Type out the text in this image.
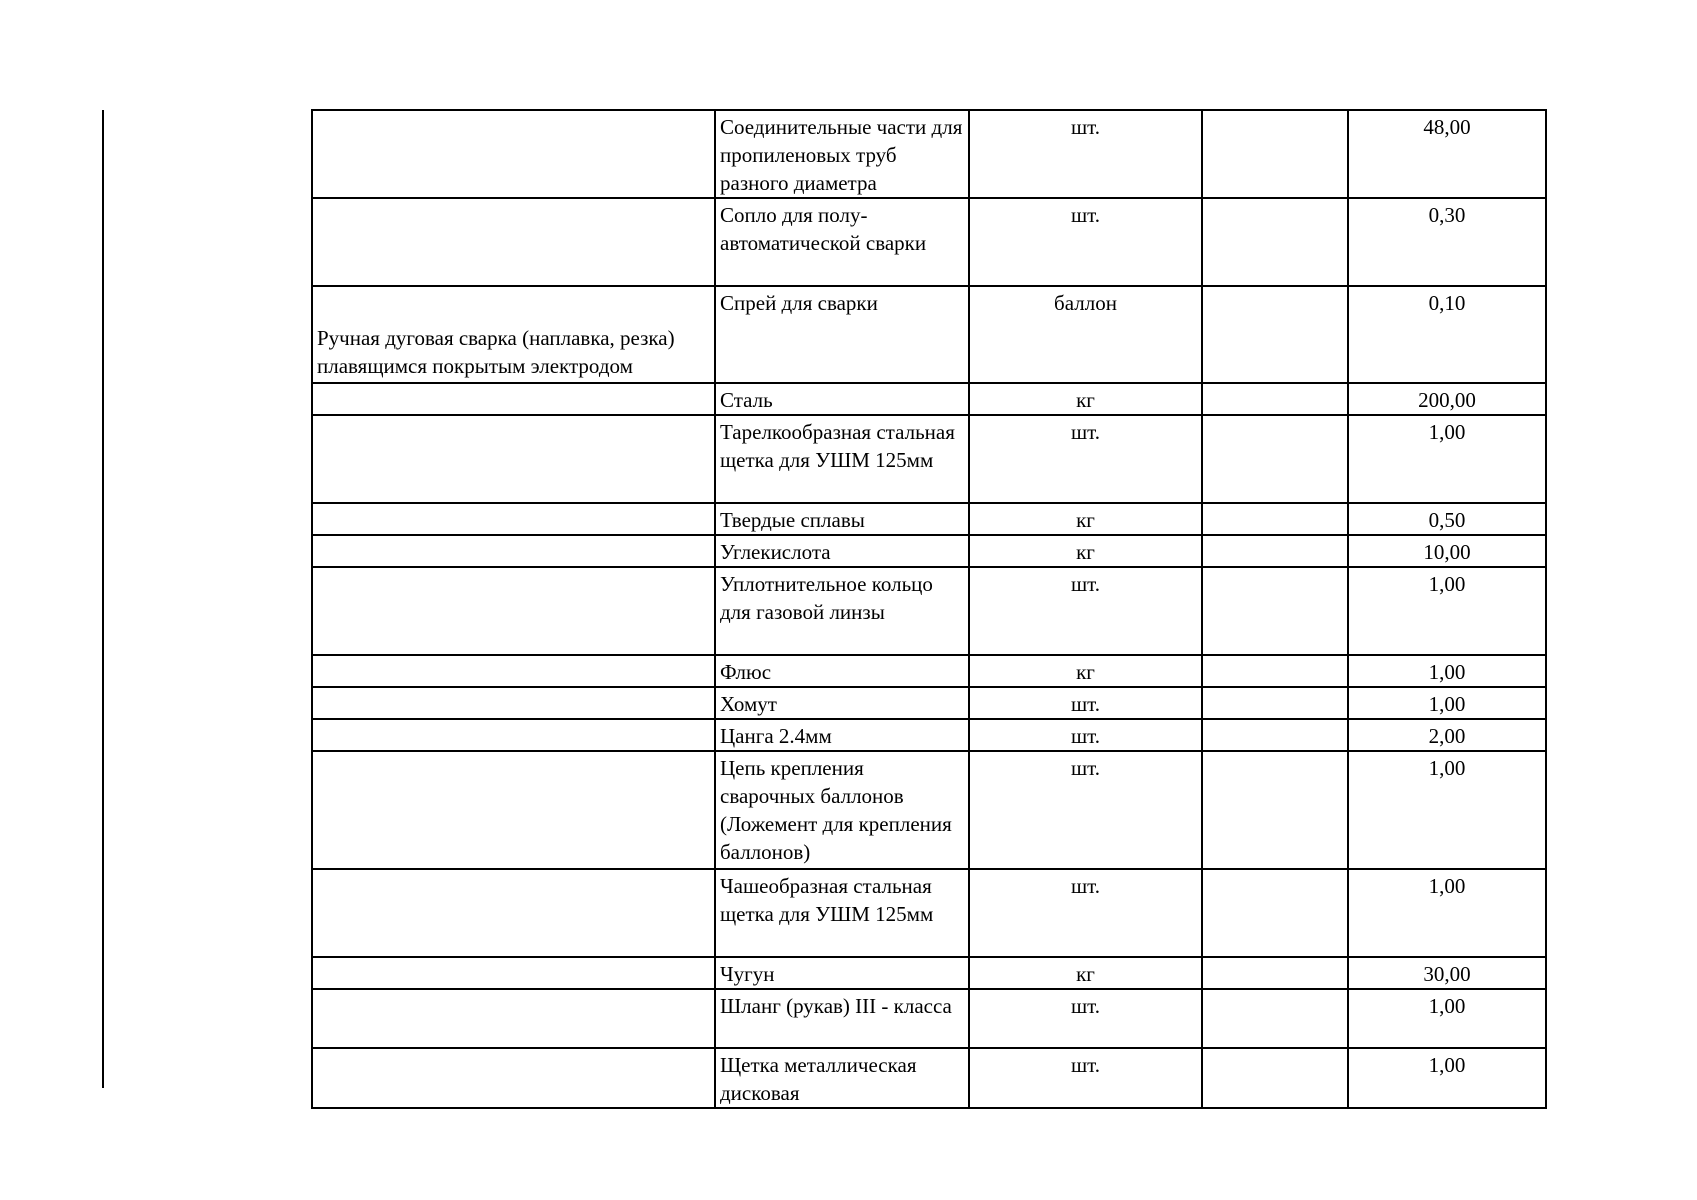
	Соединительные части для пропиленовых труб разного диаметра	шт.		48,00
	Сопло для полу-автоматической сварки	шт.		0,30
Ручная дуговая сварка (наплавка, резка) плавящимся покрытым электродом	Спрей для сварки	баллон		0,10
	Сталь	кг		200,00
	Тарелкообразная стальная щетка для УШМ 125мм	шт.		1,00
	Твердые сплавы	кг		0,50
	Углекислота	кг		10,00
	Уплотнительное кольцо для газовой линзы	шт.		1,00
	Флюс	кг		1,00
	Хомут	шт.		1,00
	Цанга 2.4мм	шт.		2,00
	Цепь крепления сварочных баллонов (Ложемент для крепления баллонов)	шт.		1,00
	Чашеобразная стальная щетка для УШМ 125мм	шт.		1,00
	Чугун	кг		30,00
	Шланг (рукав) III - класса	шт.		1,00
	Щетка металлическая дисковая	шт.		1,00
